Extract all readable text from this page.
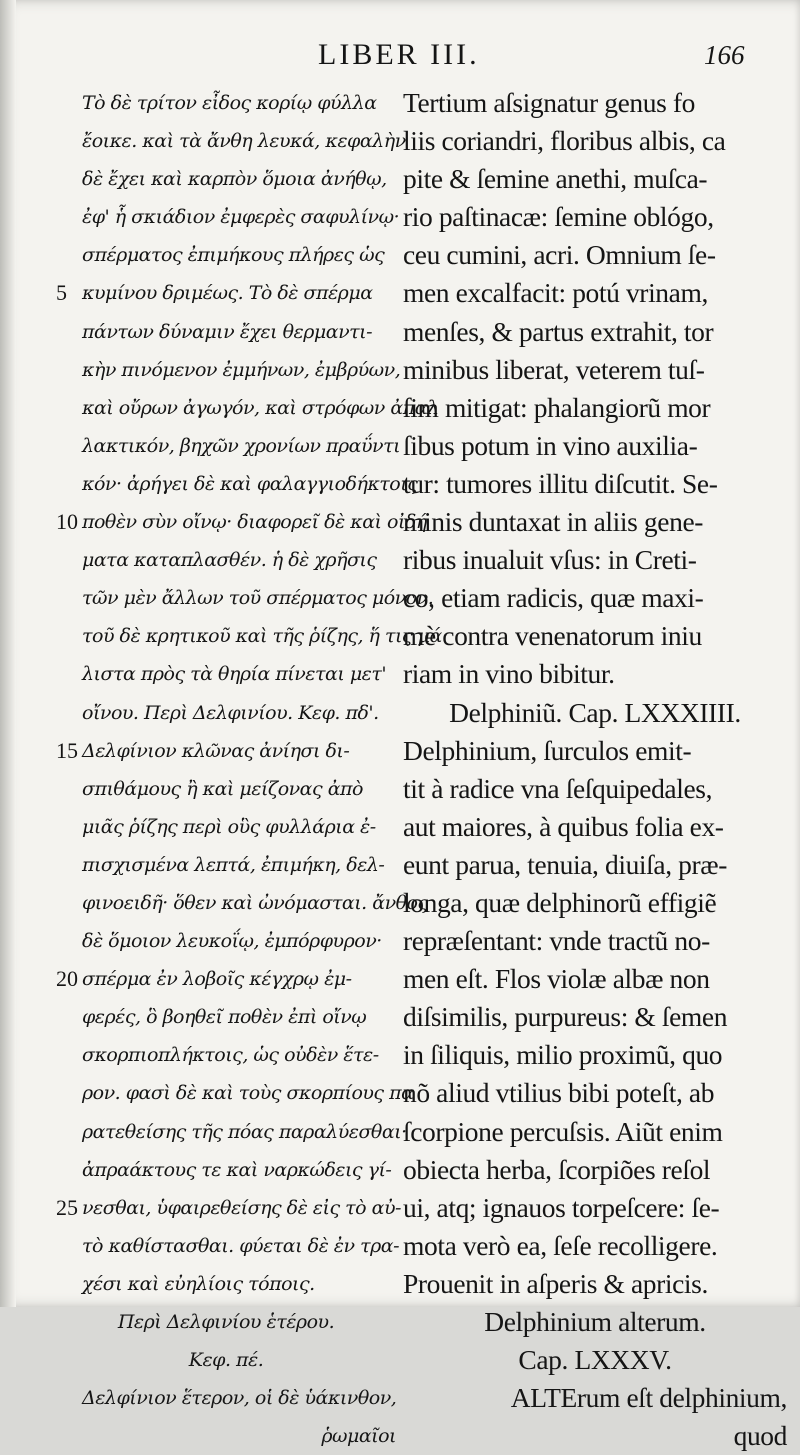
LIBER III.	166
Τὸ δὲ τρίτον εἶδος κορίῳ φύλλα
ἔοικε. καὶ τὰ ἄνθη λευκά, κεφαλὴν
δὲ ἔχει καὶ καρπὸν ὅμοια ἀνήθῳ,
ἐφ' ἧ σκιάδιον ἐμφερὲς σαφυλίνῳ·
σπέρματος ἐπιμήκους πλήρες ὡς
5 κυμίνου δριμέως. Τὸ δὲ σπέρμα
πάντων δύναμιν ἔχει θερμαντι-
κὴν πινόμενον ἐμμήνων, ἐμβρύων,
καὶ οὔρων ἀγωγόν, καὶ στρόφων ἀπαλ
λακτικόν, βηχῶν χρονίων πραΰντι
κόν· ἀρήγει δὲ καὶ φαλαγγιοδήκτοις
10 ποθὲν σὺν οἴνῳ· διαφορεῖ δὲ καὶ οἰδή
ματα καταπλασθέν. ἡ δὲ χρῆσις
τῶν μὲν ἄλλων τοῦ σπέρματος μόνον.
τοῦ δὲ κρητικοῦ καὶ τῆς ῥίζης, ἥ τις μά
λιστα πρὸς τὰ θηρία πίνεται μετ'
οἴνου. Περὶ Δελφινίου. Κεφ. πδ'.
15 Δελφίνιον κλῶνας ἀνίησι δι-
σπιθάμους ἢ καὶ μείζονας ἀπὸ
μιᾶς ῥίζης περὶ οὓς φυλλάρια ἐ-
πισχισμένα λεπτά, ἐπιμήκη, δελ-
φινοειδῆ· ὅθεν καὶ ὠνόμασται. ἄνθος
δὲ ὅμοιον λευκοΐῳ, ἐμπόρφυρον·
20 σπέρμα ἐν λοβοῖς κέγχρῳ ἐμ-
φερές, ὃ βοηθεῖ ποθὲν ἐπὶ οἴνῳ
σκορπιοπλήκτοις, ὡς οὐδὲν ἕτε-
ρον. φασὶ δὲ καὶ τοὺς σκορπίους πα
ρατεθείσης τῆς πόας παραλύεσθαι·
ἀπραάκτους τε καὶ ναρκώδεις γί-
25 νεσθαι, ὑφαιρεθείσης δὲ εἰς τὸ αὐ-
τὸ καθίστασθαι. φύεται δὲ ἐν τρα-
χέσι καὶ εὐηλίοις τόποις.
Περὶ Δελφινίου ἑτέρου.
Κεφ. πέ.
Δελφίνιον ἕτερον, οἱ δὲ ὑάκινθον,
ῥωμαῖοι
Tertium aſsignatur genus fo
liis coriandri, floribus albis, ca
pite & ſemine anethi, muſca-
rio paſtinacæ: ſemine oblógo,
ceu cumini, acri. Omnium ſe-
men excalfacit: potú vrinam,
menſes, & partus extrahit, tor
minibus liberat, veterem tuſ-
ſim mitigat: phalangiorũ mor
ſibus potum in vino auxilia-
tur: tumores illitu diſcutit. Se-
minis duntaxat in aliis gene-
ribus inualuit vſus: in Creti-
co, etiam radicis, quæ maxi-
mè contra venenatorum iniu
riam in vino bibitur.
Delphiniũ. Cap. LXXXIIII.
Delphinium, ſurculos emit-
tit à radice vna ſeſquipedales,
aut maiores, à quibus folia ex-
eunt parua, tenuia, diuiſa, præ-
longa, quæ delphinorũ effigiẽ
repræſentant: vnde tractũ no-
men eſt. Flos violæ albæ non
diſsimilis, purpureus: & ſemen
in ſiliquis, milio proximũ, quo
nõ aliud vtilius bibi poteſt, ab
ſcorpione percuſsis. Aiũt enim
obiecta herba, ſcorpiões reſol
ui, atq; ignauos torpeſcere: ſe-
mota verò ea, ſeſe recolligere.
Prouenit in aſperis & apricis.
Delphinium alterum.
Cap. LXXXV.
ALTErum eſt delphinium,
quod
